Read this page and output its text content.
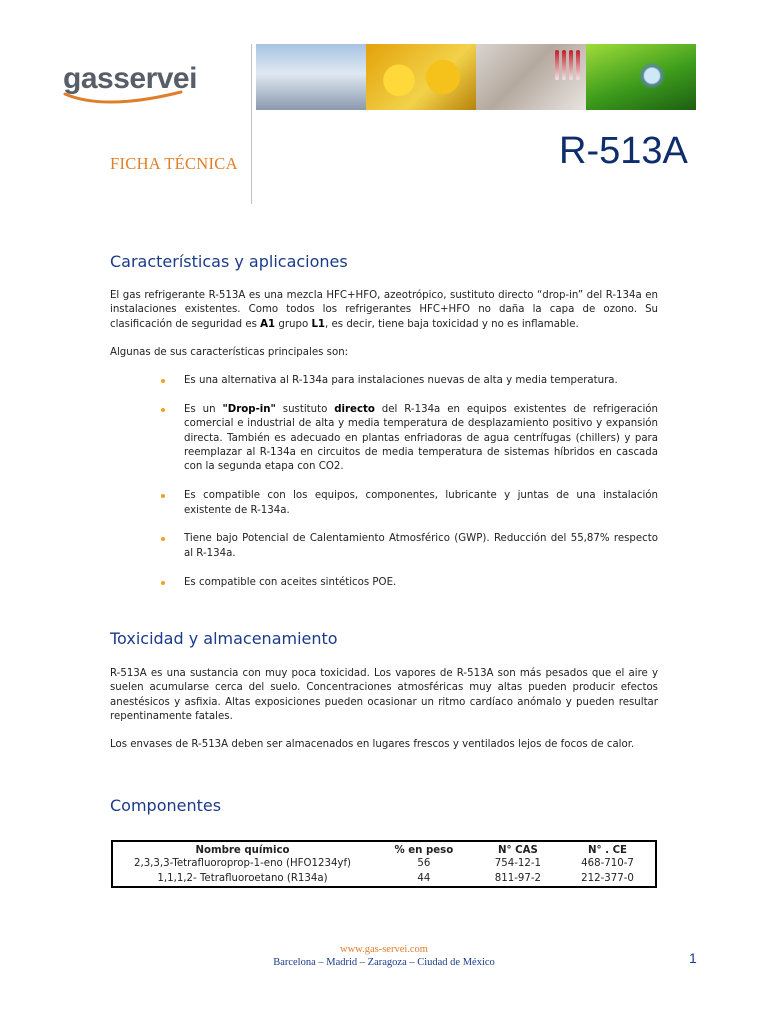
gasservei
FICHA TÉCNICA	R-513A
Características y aplicaciones

El gas refrigerante R-513A es una mezcla HFC+HFO, azeotrópico, sustituto directo “drop-in” del R-134a en instalaciones existentes. Como todos los refrigerantes HFC+HFO no daña la capa de ozono. Su clasificación de seguridad es A1 grupo L1, es decir, tiene baja toxicidad y no es inflamable.

Algunas de sus características principales son:

Es una alternativa al R-134a para instalaciones nuevas de alta y media temperatura.
Es un "Drop-in" sustituto directo del R-134a en equipos existentes de refrigeración comercial e industrial de alta y media temperatura de desplazamiento positivo y expansión directa. También es adecuado en plantas enfriadoras de agua centrífugas (chillers) y para reemplazar al R-134a en circuitos de media temperatura de sistemas híbridos en cascada con la segunda etapa con CO2.
Es compatible con los equipos, componentes, lubricante y juntas de una instalación existente de R-134a.
Tiene bajo Potencial de Calentamiento Atmosférico (GWP). Reducción del 55,87% respecto al R-134a.
Es compatible con aceites sintéticos POE.
Toxicidad y almacenamiento

R-513A es una sustancia con muy poca toxicidad. Los vapores de R-513A son más pesados que el aire y suelen acumularse cerca del suelo. Concentraciones atmosféricas muy altas pueden producir efectos anestésicos y asfixia. Altas exposiciones pueden ocasionar un ritmo cardíaco anómalo y pueden resultar repentinamente fatales.

Los envases de R-513A deben ser almacenados en lugares frescos y ventilados lejos de focos de calor.

Componentes
Nombre químico	% en peso	N° CAS	N° . CE
2,3,3,3-Tetrafluoroprop-1-eno (HFO1234yf)	56	754-12-1	468-710-7
1,1,1,2- Tetrafluoroetano (R134a)	44	811-97-2	212-377-0
www.gas-servei.com
Barcelona – Madrid – Zaragoza – Ciudad de México	1
